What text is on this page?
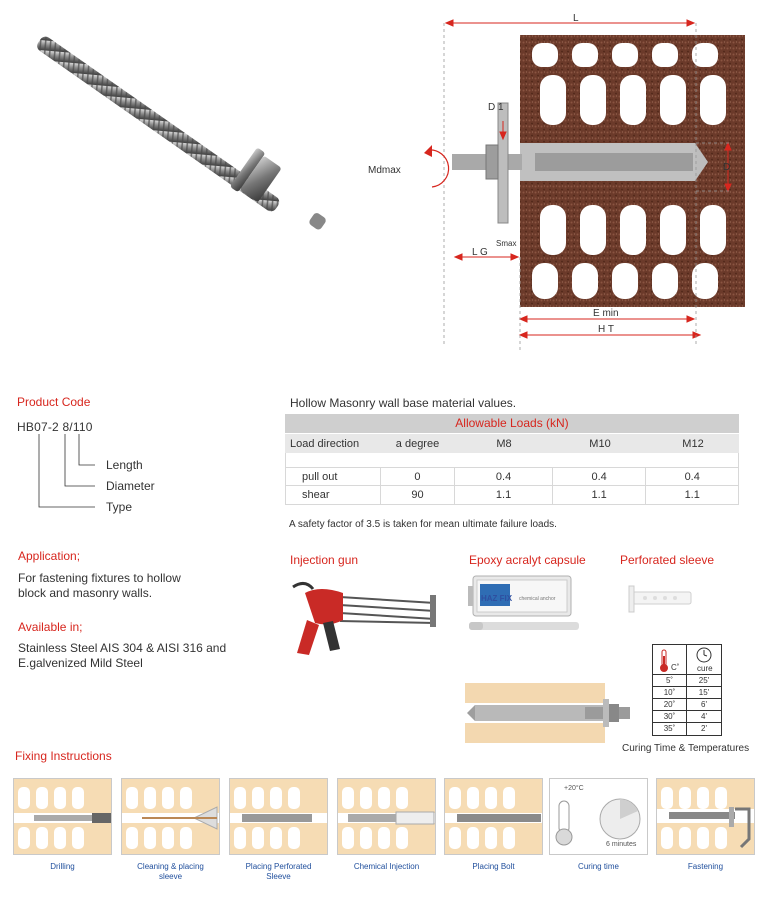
L
D 1
D
Mdmax
Smax
L G
E min
H T
Product Code
HB07-2 8/110
Length
Diameter
Type
Hollow Masonry wall base material values.
Allowable Loads (kN)
Load direction	a degree	M8	M10	M12
pull out	0	0.4	0.4	0.4
shear	90	1.1	1.1	1.1
A safety factor of 3.5 is taken for mean ultimate failure loads.
Application;
For fastening fixtures to hollow
block and masonry walls.
Available in;
Stainless Steel AIS 304 & AISI 316 and
E.galvenized Mild Steel
Injection gun	Epoxy acralyt capsule	Perforated sleeve
HAZ FIX chemical anchor
C˚ cure
5˚	25'
10˚	15'
20˚	6'
30˚	4'
35˚	2'
Curing Time & Temperatures
Fixing Instructions
+20°C
6 minutes
Drilling	Cleaning & placing
sleeve
Placing Perforated
Sleeve
Chemical Injection	Placing Bolt	Curing time	Fastening
